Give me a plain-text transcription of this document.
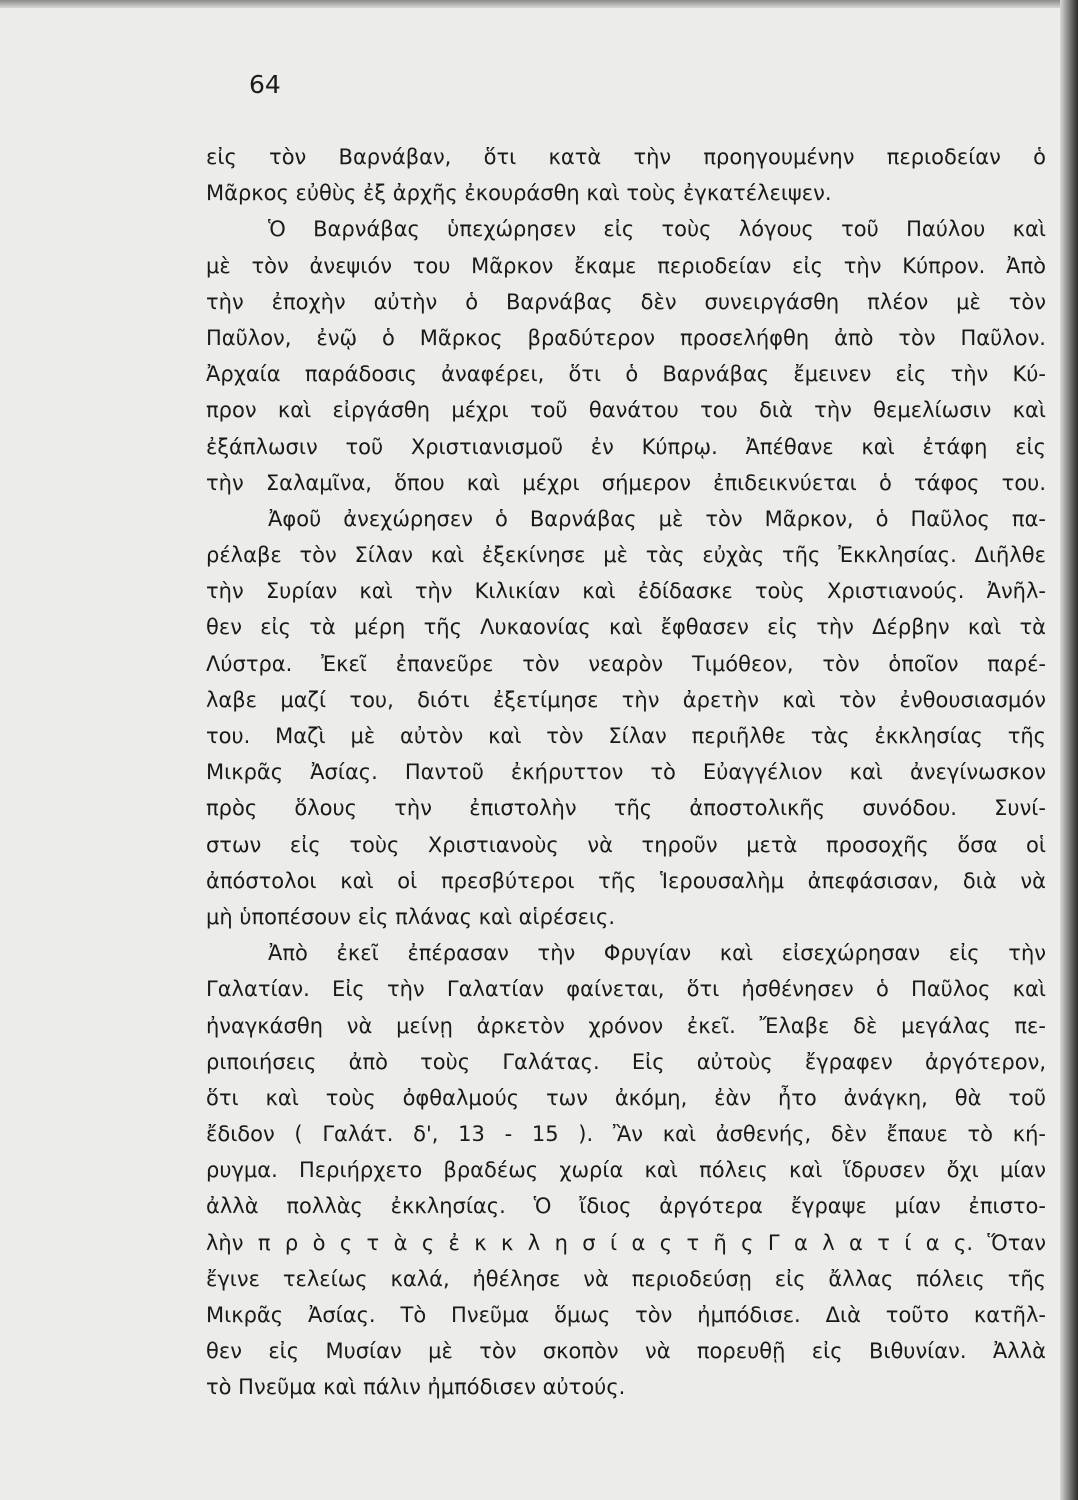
64
εἰς τὸν Βαρνάβαν, ὅτι κατὰ τὴν προηγουμένην περιοδείαν ὁ
Μᾶρκος εὐθὺς ἐξ ἀρχῆς ἐκουράσθη καὶ τοὺς ἐγκατέλειψεν.
Ὁ Βαρνάβας ὑπεχώρησεν εἰς τοὺς λόγους τοῦ Παύλου καὶ
μὲ τὸν ἀνεψιόν του Μᾶρκον ἔκαμε περιοδείαν εἰς τὴν Κύπρον. Ἀπὸ
τὴν ἐποχὴν αὐτὴν ὁ Βαρνάβας δὲν συνειργάσθη πλέον μὲ τὸν
Παῦλον, ἐνῷ ὁ Μᾶρκος βραδύτερον προσελήφθη ἀπὸ τὸν Παῦλον.
Ἀρχαία παράδοσις ἀναφέρει, ὅτι ὁ Βαρνάβας ἔμεινεν εἰς τὴν Κύ-
προν καὶ εἰργάσθη μέχρι τοῦ θανάτου του διὰ τὴν θεμελίωσιν καὶ
ἐξάπλωσιν τοῦ Χριστιανισμοῦ ἐν Κύπρῳ. Ἀπέθανε καὶ ἐτάφη εἰς
τὴν Σαλαμῖνα, ὅπου καὶ μέχρι σήμερον ἐπιδεικνύεται ὁ τάφος του.
Ἀφοῦ ἀνεχώρησεν ὁ Βαρνάβας μὲ τὸν Μᾶρκον, ὁ Παῦλος πα-
ρέλαβε τὸν Σίλαν καὶ ἐξεκίνησε μὲ τὰς εὐχὰς τῆς Ἐκκλησίας. Διῆλθε
τὴν Συρίαν καὶ τὴν Κιλικίαν καὶ ἐδίδασκε τοὺς Χριστιανούς. Ἀνῆλ-
θεν εἰς τὰ μέρη τῆς Λυκαονίας καὶ ἔφθασεν εἰς τὴν Δέρβην καὶ τὰ
Λύστρα. Ἐκεῖ ἐπανεῦρε τὸν νεαρὸν Τιμόθεον, τὸν ὁποῖον παρέ-
λαβε μαζί του, διότι ἐξετίμησε τὴν ἀρετὴν καὶ τὸν ἐνθουσιασμόν
του. Μαζὶ μὲ αὐτὸν καὶ τὸν Σίλαν περιῆλθε τὰς ἐκκλησίας τῆς
Μικρᾶς Ἀσίας. Παντοῦ ἐκήρυττον τὸ Εὐαγγέλιον καὶ ἀνεγίνωσκον
πρὸς ὅλους τὴν ἐπιστολὴν τῆς ἀποστολικῆς συνόδου. Συνί-
στων εἰς τοὺς Χριστιανοὺς νὰ τηροῦν μετὰ προσοχῆς ὅσα οἱ
ἀπόστολοι καὶ οἱ πρεσβύτεροι τῆς Ἱερουσαλὴμ ἀπεφάσισαν, διὰ νὰ
μὴ ὑποπέσουν εἰς πλάνας καὶ αἱρέσεις.
Ἀπὸ ἐκεῖ ἐπέρασαν τὴν Φρυγίαν καὶ εἰσεχώρησαν εἰς τὴν
Γαλατίαν. Εἰς τὴν Γαλατίαν φαίνεται, ὅτι ἠσθένησεν ὁ Παῦλος καὶ
ἠναγκάσθη νὰ μείνῃ ἀρκετὸν χρόνον ἐκεῖ. Ἔλαβε δὲ μεγάλας πε-
ριποιήσεις ἀπὸ τοὺς Γαλάτας. Εἰς αὐτοὺς ἔγραφεν ἀργότερον,
ὅτι καὶ τοὺς ὀφθαλμούς των ἀκόμη, ἐὰν ἦτο ἀνάγκη, θὰ τοῦ
ἔδιδον ( Γαλάτ. δ', 13 - 15 ). Ἂν καὶ ἀσθενής, δὲν ἔπαυε τὸ κή-
ρυγμα. Περιήρχετο βραδέως χωρία καὶ πόλεις καὶ ἵδρυσεν ὄχι μίαν
ἀλλὰ πολλὰς ἐκκλησίας. Ὁ ἴδιος ἀργότερα ἔγραψε μίαν ἐπιστο-
λὴν π ρ ὸ ς τ ὰ ς ἐ κ κ λ η σ ί α ς τ ῆ ς Γ α λ α τ ί α ς. Ὅταν
ἔγινε τελείως καλά, ἠθέλησε νὰ περιοδεύσῃ εἰς ἄλλας πόλεις τῆς
Μικρᾶς Ἀσίας. Τὸ Πνεῦμα ὅμως τὸν ἠμπόδισε. Διὰ τοῦτο κατῆλ-
θεν εἰς Μυσίαν μὲ τὸν σκοπὸν νὰ πορευθῇ εἰς Βιθυνίαν. Ἀλλὰ
τὸ Πνεῦμα καὶ πάλιν ἠμπόδισεν αὐτούς.
